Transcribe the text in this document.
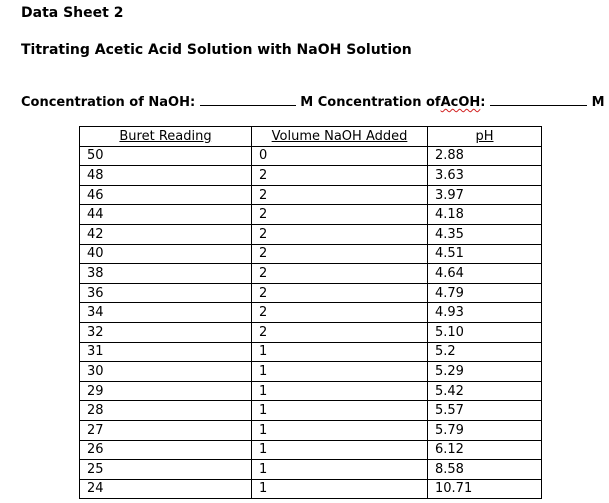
Data Sheet 2
Titrating Acetic Acid Solution with NaOH Solution
Concentration of NaOH:	M Concentration ofAcOH:	M
Buret Reading	Volume NaOH Added	pH
50	0	2.88
48	2	3.63
46	2	3.97
44	2	4.18
42	2	4.35
40	2	4.51
38	2	4.64
36	2	4.79
34	2	4.93
32	2	5.10
31	1	5.2
30	1	5.29
29	1	5.42
28	1	5.57
27	1	5.79
26	1	6.12
25	1	8.58
24	1	10.71
